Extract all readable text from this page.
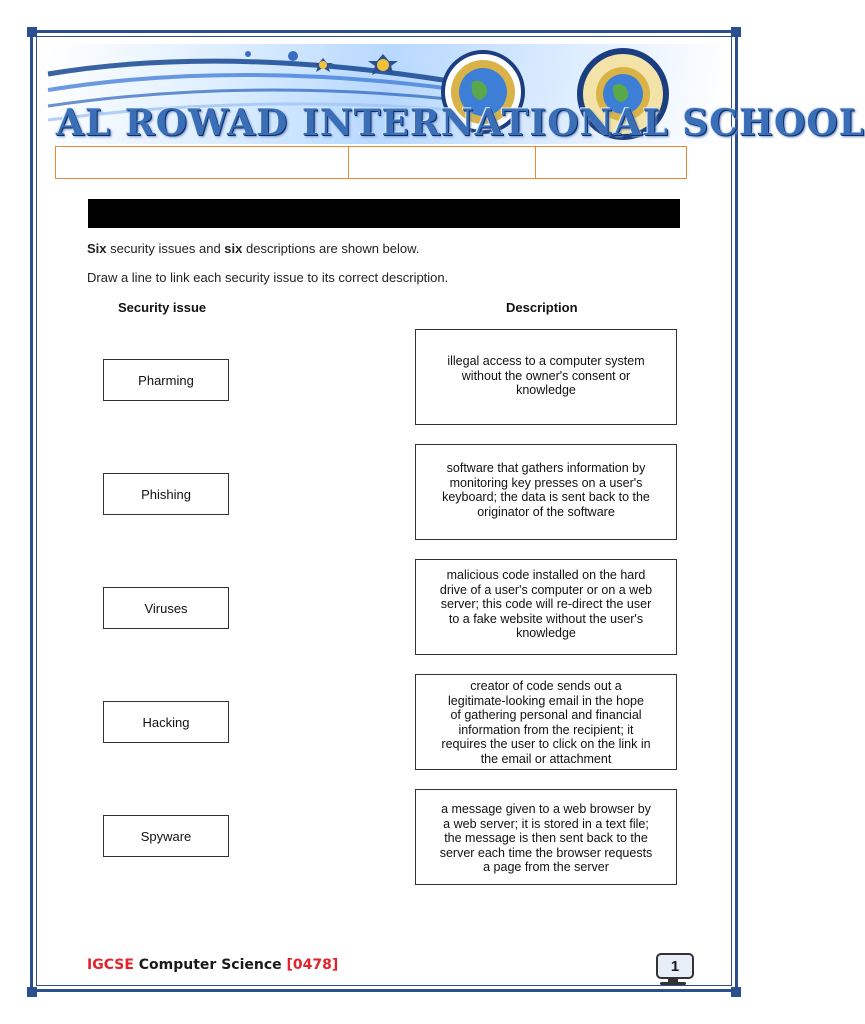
AL ROWAD INTERNATIONAL SCHOOL
Six security issues and six descriptions are shown below.
Draw a line to link each security issue to its correct description.
Security issue	Description
Pharming
Phishing
Viruses
Hacking
Spyware
illegal access to a computer system
without the owner's consent or
knowledge
software that gathers information by
monitoring key presses on a user's
keyboard; the data is sent back to the
originator of the software
malicious code installed on the hard
drive of a user's computer or on a web
server; this code will re-direct the user
to a fake website without the user's
knowledge
creator of code sends out a
legitimate-looking email in the hope
of gathering personal and financial
information from the recipient; it
requires the user to click on the link in
the email or attachment
a message given to a web browser by
a web server; it is stored in a text file;
the message is then sent back to the
server each time the browser requests
a page from the server
IGCSE Computer Science [0478]	1
